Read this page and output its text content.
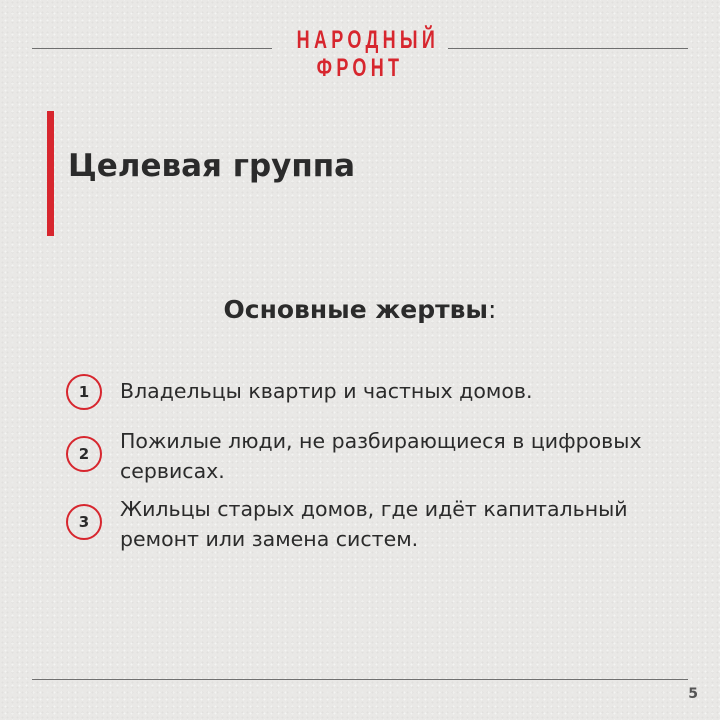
НАРОДНЫЙ
ФРОНТ
Целевая группа
Основные жертвы:
1	Владельцы квартир и частных домов.
2
Пожилые люди, не разбирающиеся в цифровых сервисах.
3
Жильцы старых домов, где идёт капитальный ремонт или замена систем.
5
